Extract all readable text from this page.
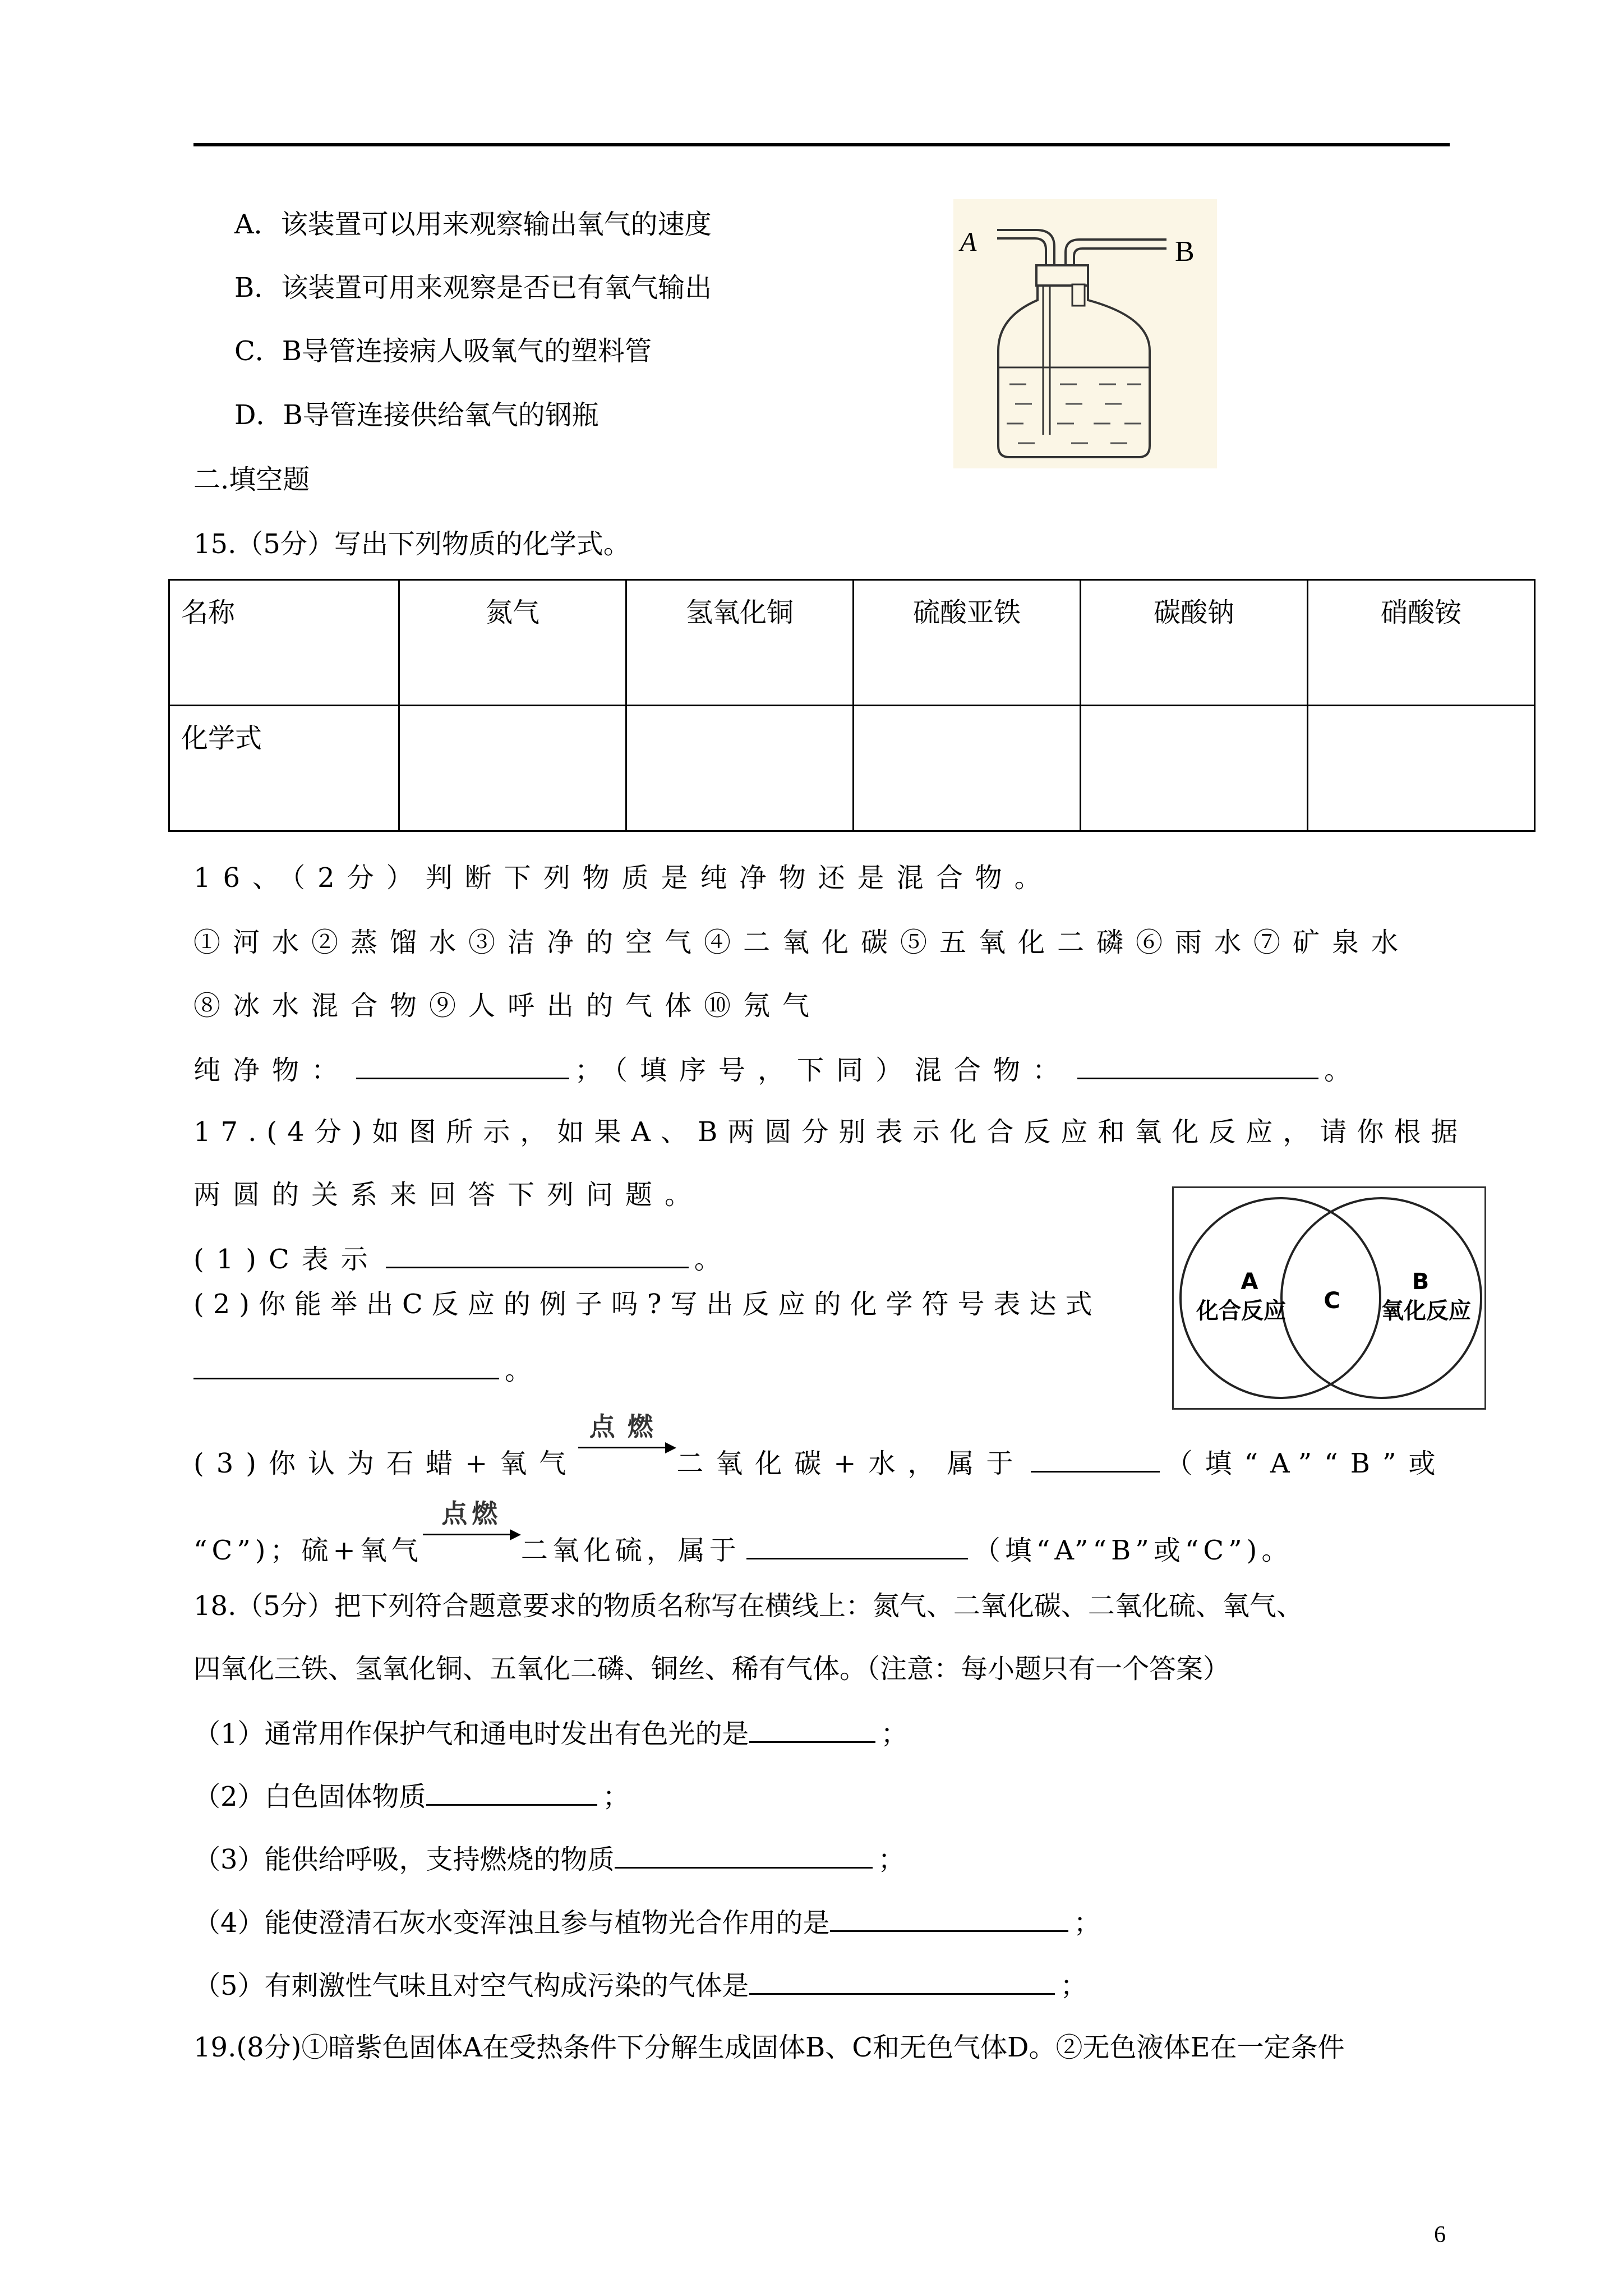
A．该装置可以用来观察输出氧气的速度
B．该装置可用来观察是否已有氧气输出
C．B导管连接病人吸氧气的塑料管
D．B导管连接供给氧气的钢瓶
A	B
二.填空题
15.（5分）写出下列物质的化学式。
名称	氮气	氢氧化铜	硫酸亚铁	碳酸钠	硝酸铵
化学式					
16、（2分）判断下列物质是纯净物还是混合物。
①河水②蒸馏水③洁净的空气④二氧化碳⑤五氧化二磷⑥雨水⑦矿泉水
⑧冰水混合物⑨人呼出的气体⑩氖气
纯净物：	；（填序号，下同）混合物：	。
17.(4分)如图所示，如果A、B两圆分别表示化合反应和氧化反应，请你根据
两圆的关系来回答下列问题。
(1)C表示	。
(2)你能举出C反应的例子吗?写出反应的化学符号表达式
。
A
化合反应 C
B
氧化反应
(3)你认为石蜡+氧气
点燃
二氧化碳+水，属于	（填“A”“B”或
“C”)；硫+氧气
点燃
二氧化硫，属于	（填“A”“B”或“C”)。
18.（5分）把下列符合题意要求的物质名称写在横线上：氮气、二氧化碳、二氧化硫、氧气、
四氧化三铁、氢氧化铜、五氧化二磷、铜丝、稀有气体。（注意：每小题只有一个答案）
（1）通常用作保护气和通电时发出有色光的是	；
（2）白色固体物质	；
（3）能供给呼吸，支持燃烧的物质	；
（4）能使澄清石灰水变浑浊且参与植物光合作用的是	；
（5）有刺激性气味且对空气构成污染的气体是	；
19.(8分)①暗紫色固体A在受热条件下分解生成固体B、C和无色气体D。②无色液体E在一定条件
6
